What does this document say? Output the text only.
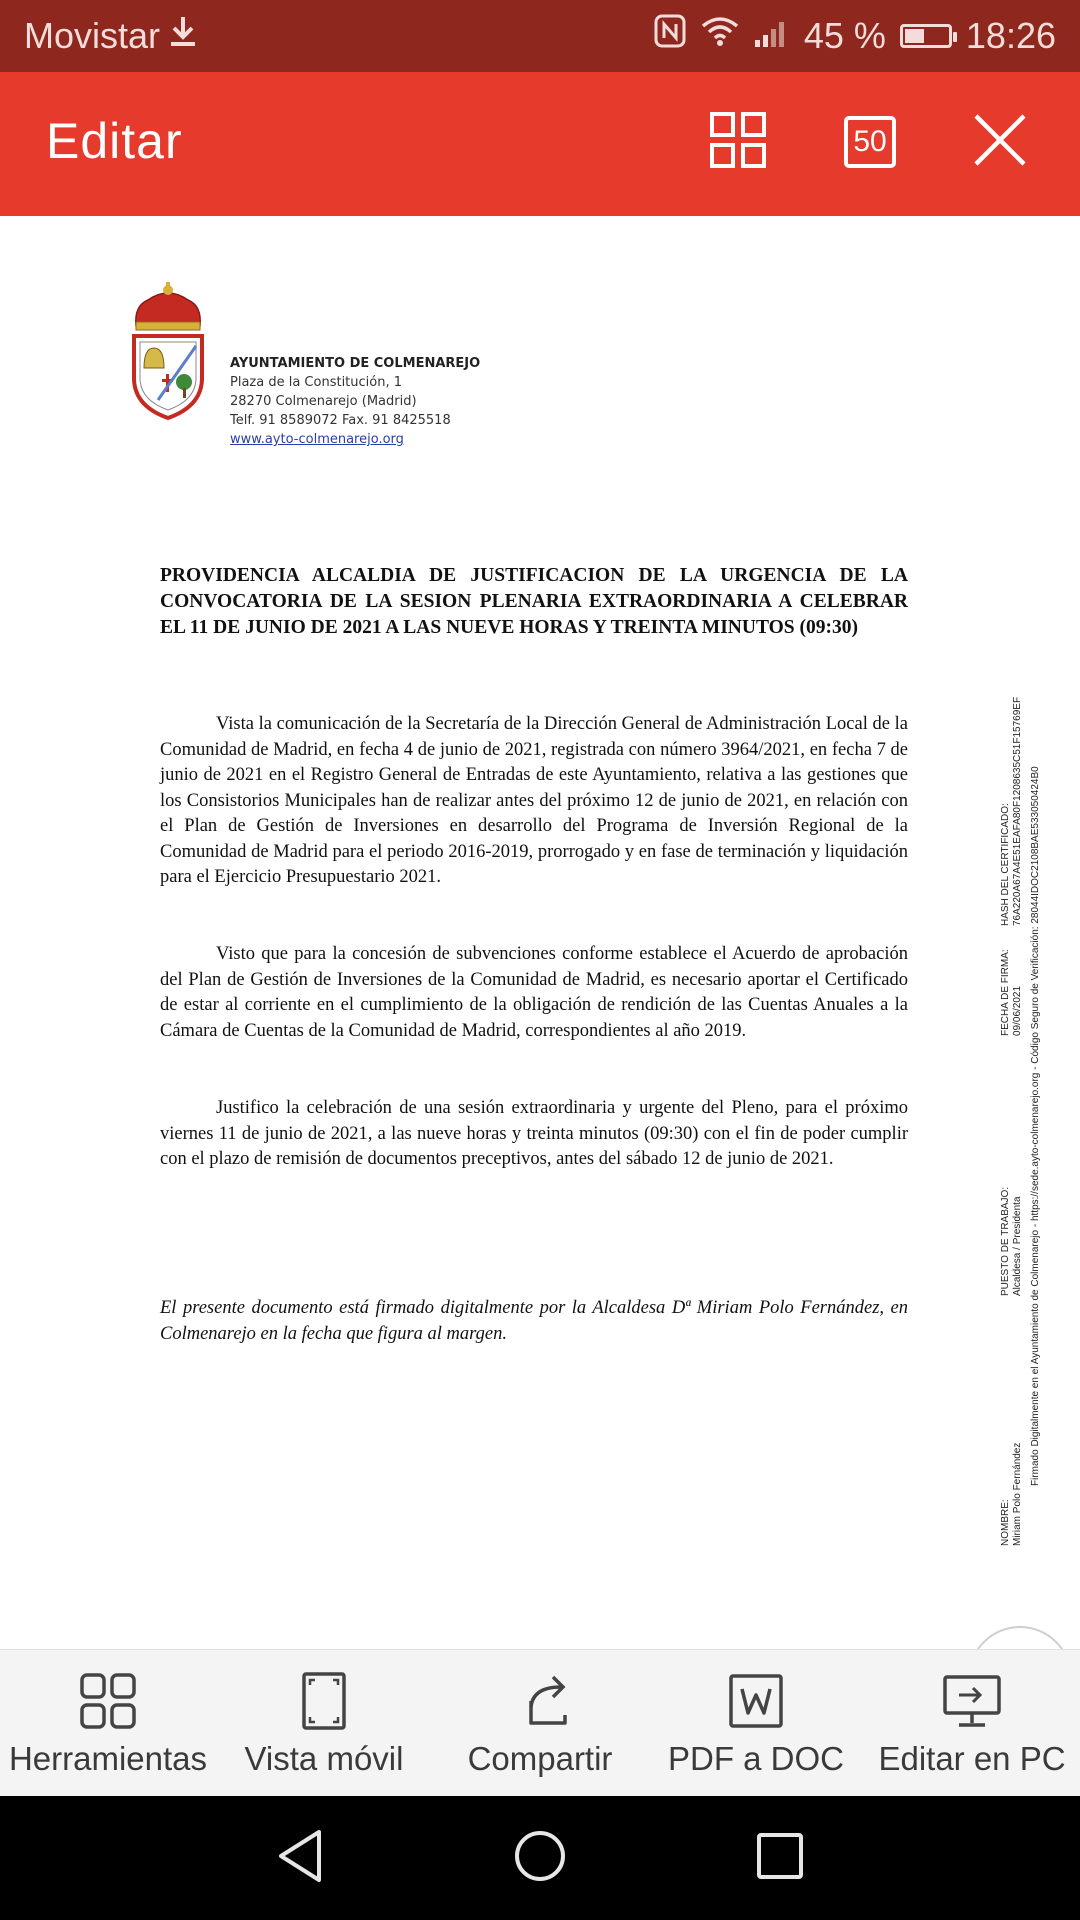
Movistar	45 % 18:26
Editar	50
AYUNTAMIENTO DE COLMENAREJO
Plaza de la Constitución, 1
28270 Colmenarejo (Madrid)
Telf. 91 8589072 Fax. 91 8425518
www.ayto-colmenarejo.org
PROVIDENCIA ALCALDIA DE JUSTIFICACION DE LA URGENCIA DE LA
CONVOCATORIA DE LA SESION PLENARIA EXTRAORDINARIA A CELEBRAR
EL 11 DE JUNIO DE 2021 A LAS NUEVE HORAS Y TREINTA MINUTOS (09:30)
Vista la comunicación de la Secretaría de la Dirección General de Administración Local de la Comunidad de Madrid, en fecha 4 de junio de 2021, registrada con número 3964/2021, en fecha 7 de junio de 2021 en el Registro General de Entradas de este Ayuntamiento, relativa a las gestiones que los Consistorios Municipales han de realizar antes del próximo 12 de junio de 2021, en relación con el Plan de Gestión de Inversiones en desarrollo del Programa de Inversión Regional de la Comunidad de Madrid para el periodo 2016-2019, prorrogado y en fase de terminación y liquidación para el Ejercicio Presupuestario 2021.
Visto que para la concesión de subvenciones conforme establece el Acuerdo de aprobación del Plan de Gestión de Inversiones de la Comunidad de Madrid, es necesario aportar el Certificado de estar al corriente en el cumplimiento de la obligación de rendición de las Cuentas Anuales a la Cámara de Cuentas de la Comunidad de Madrid, correspondientes al año 2019.
Justifico la celebración de una sesión extraordinaria y urgente del Pleno, para el próximo viernes 11 de junio de 2021, a las nueve horas y treinta minutos (09:30) con el fin de poder cumplir con el plazo de remisión de documentos preceptivos, antes del sábado 12 de junio de 2021.
El presente documento está firmado digitalmente por la Alcaldesa Dª Miriam Polo Fernández, en Colmenarejo en la fecha que figura al margen.
NOMBRE: Miriam Polo Fernández
PUESTO DE TRABAJO: Alcaldesa / Presidenta
FECHA DE FIRMA: 09/06/2021
HASH DEL CERTIFICADO: 76A220A67A4E51EAFA80F1208635C51F15769EF Firmado Digitalmente en el Ayuntamiento de Colmenarejo - https://sede.ayto-colmenarejo.org - Código Seguro de Verificación: 28044IDOC2108BAE533050424B0
Herramientas Vista móvil Compartir PDF a DOC Editar en PC
